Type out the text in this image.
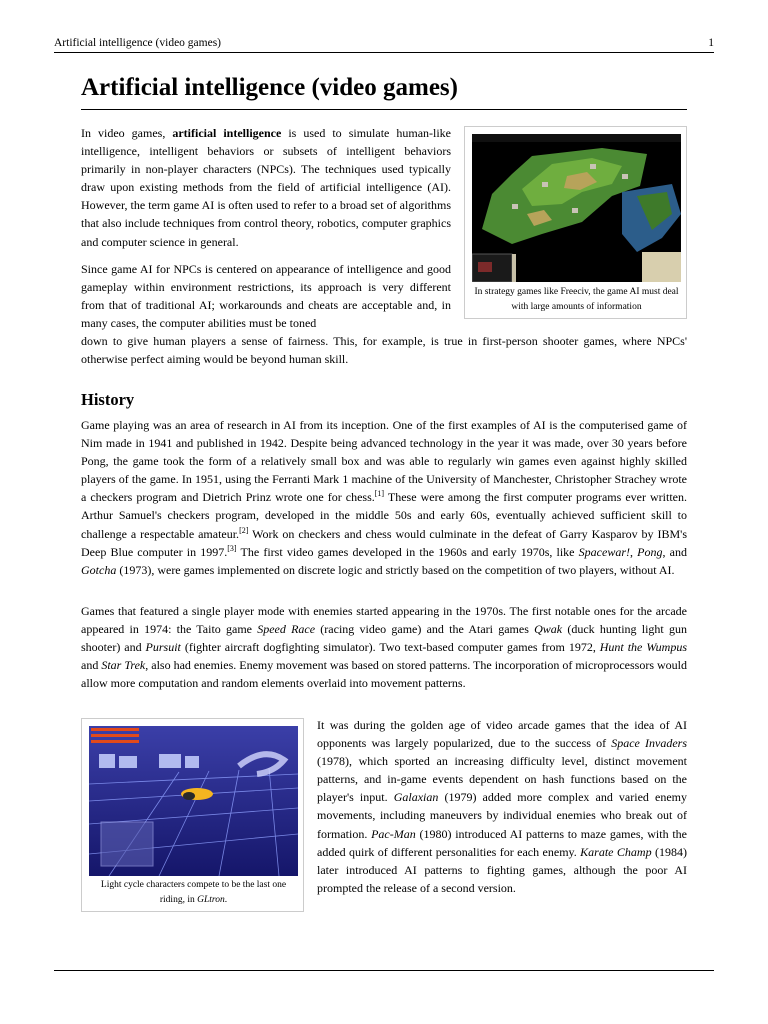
Artificial intelligence (video games)	1
Artificial intelligence (video games)

In strategy games like Freeciv, the game AI must deal with large amounts of information

In video games, artificial intelligence is used to simulate human-like intelligence, intelligent behaviors or subsets of intelligent behaviors primarily in non-player characters (NPCs). The techniques used typically draw upon existing methods from the field of artificial intelligence (AI). However, the term game AI is often used to refer to a broad set of algorithms that also include techniques from control theory, robotics, computer graphics and computer science in general.

Since game AI for NPCs is centered on appearance of intelligence and good gameplay within environment restrictions, its approach is very different from that of traditional AI; workarounds and cheats are acceptable and, in many cases, the computer abilities must be toned

down to give human players a sense of fairness. This, for example, is true in first-person shooter games, where NPCs' otherwise perfect aiming would be beyond human skill.

History

Game playing was an area of research in AI from its inception. One of the first examples of AI is the computerised game of Nim made in 1941 and published in 1942. Despite being advanced technology in the year it was made, over 30 years before Pong, the game took the form of a relatively small box and was able to regularly win games even against highly skilled players of the game. In 1951, using the Ferranti Mark 1 machine of the University of Manchester, Christopher Strachey wrote a checkers program and Dietrich Prinz wrote one for chess.[1] These were among the first computer programs ever written. Arthur Samuel's checkers program, developed in the middle 50s and early 60s, eventually achieved sufficient skill to challenge a respectable amateur.[2] Work on checkers and chess would culminate in the defeat of Garry Kasparov by IBM's Deep Blue computer in 1997.[3] The first video games developed in the 1960s and early 1970s, like Spacewar!, Pong, and Gotcha (1973), were games implemented on discrete logic and strictly based on the competition of two players, without AI.

Games that featured a single player mode with enemies started appearing in the 1970s. The first notable ones for the arcade appeared in 1974: the Taito game Speed Race (racing video game) and the Atari games Qwak (duck hunting light gun shooter) and Pursuit (fighter aircraft dogfighting simulator). Two text-based computer games from 1972, Hunt the Wumpus and Star Trek, also had enemies. Enemy movement was based on stored patterns. The incorporation of microprocessors would allow more computation and random elements overlaid into movement patterns.

Light cycle characters compete to be the last one riding, in GLtron.

It was during the golden age of video arcade games that the idea of AI opponents was largely popularized, due to the success of Space Invaders (1978), which sported an increasing difficulty level, distinct movement patterns, and in-game events dependent on hash functions based on the player's input. Galaxian (1979) added more complex and varied enemy movements, including maneuvers by individual enemies who break out of formation. Pac-Man (1980) introduced AI patterns to maze games, with the added quirk of different personalities for each enemy. Karate Champ (1984) later introduced AI patterns to fighting games, although the poor AI prompted the release of a second version.
